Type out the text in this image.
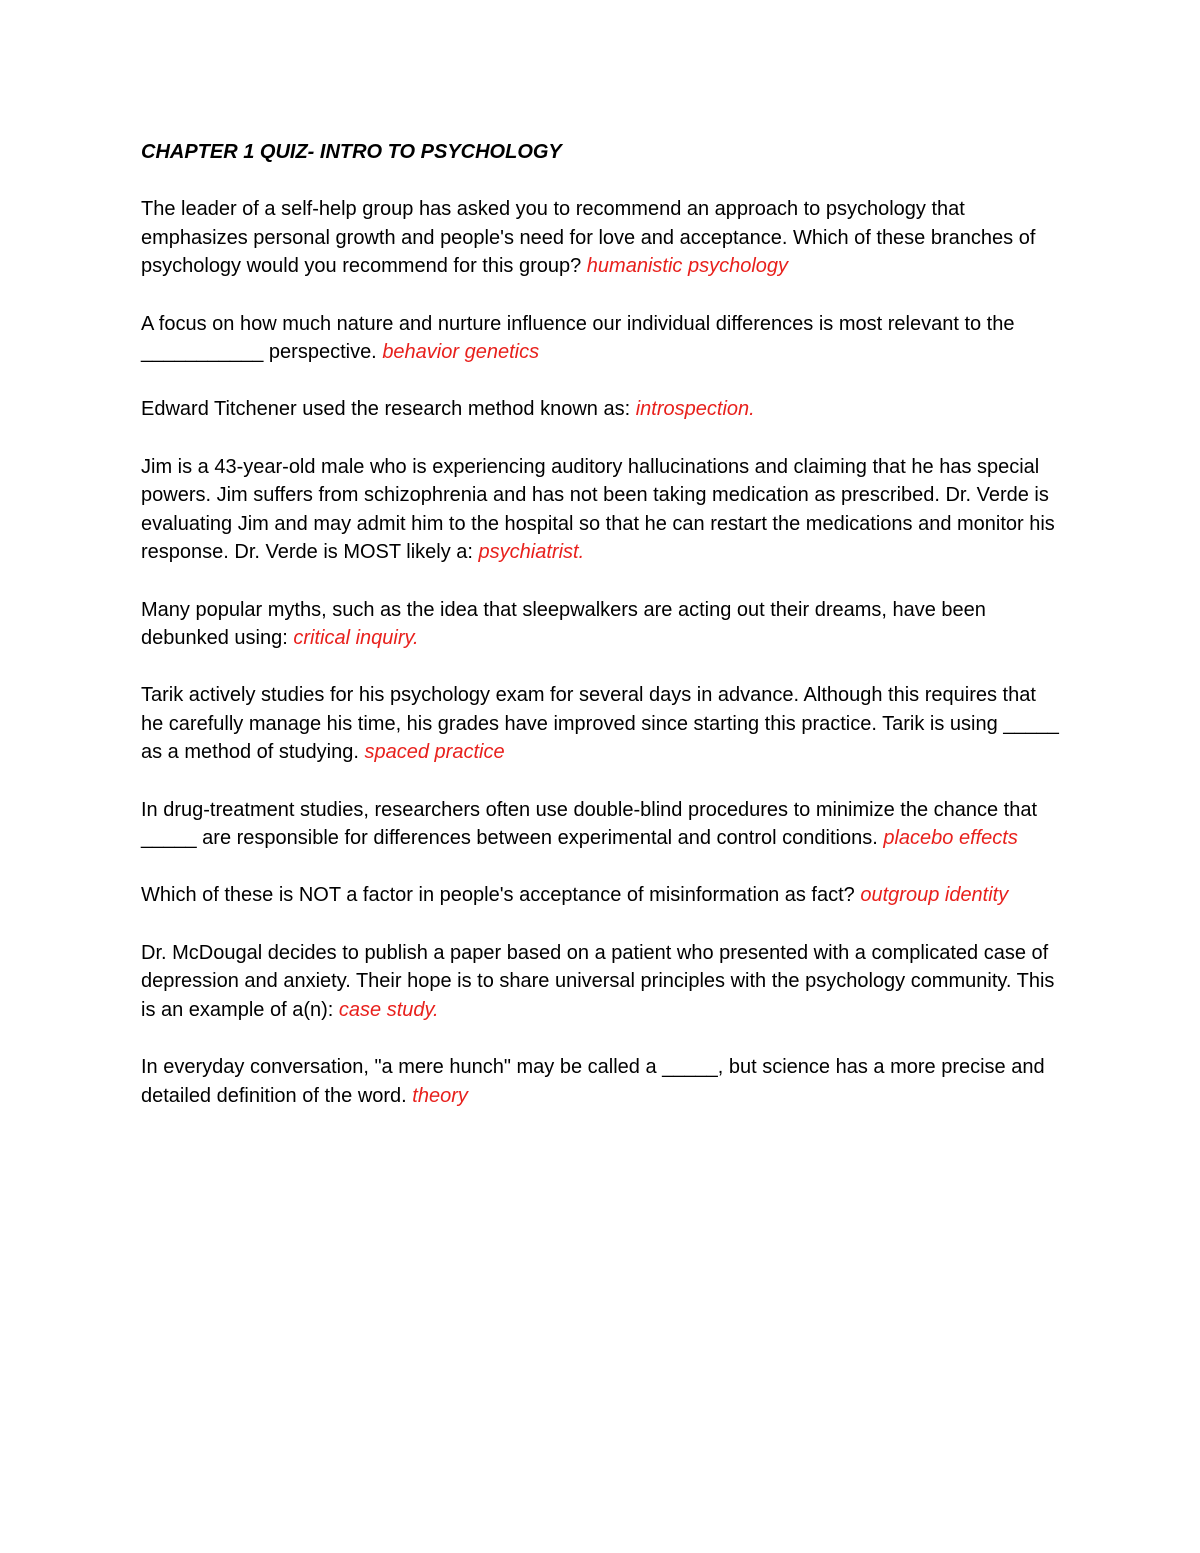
CHAPTER 1 QUIZ- INTRO TO PSYCHOLOGY

The leader of a self-help group has asked you to recommend an approach to psychology that emphasizes personal growth and people's need for love and acceptance. Which of these branches of psychology would you recommend for this group? humanistic psychology

A focus on how much nature and nurture influence our individual differences is most relevant to the ___________ perspective. behavior genetics

Edward Titchener used the research method known as: introspection.

Jim is a 43-year-old male who is experiencing auditory hallucinations and claiming that he has special powers. Jim suffers from schizophrenia and has not been taking medication as prescribed. Dr. Verde is evaluating Jim and may admit him to the hospital so that he can restart the medications and monitor his response. Dr. Verde is MOST likely a: psychiatrist.

Many popular myths, such as the idea that sleepwalkers are acting out their dreams, have been debunked using: critical inquiry.

Tarik actively studies for his psychology exam for several days in advance. Although this requires that he carefully manage his time, his grades have improved since starting this practice. Tarik is using _____ as a method of studying. spaced practice

In drug-treatment studies, researchers often use double-blind procedures to minimize the chance that _____ are responsible for differences between experimental and control conditions. placebo effects

Which of these is NOT a factor in people's acceptance of misinformation as fact? outgroup identity

Dr. McDougal decides to publish a paper based on a patient who presented with a complicated case of depression and anxiety. Their hope is to share universal principles with the psychology community. This is an example of a(n): case study.

In everyday conversation, "a mere hunch" may be called a _____, but science has a more precise and detailed definition of the word. theory
